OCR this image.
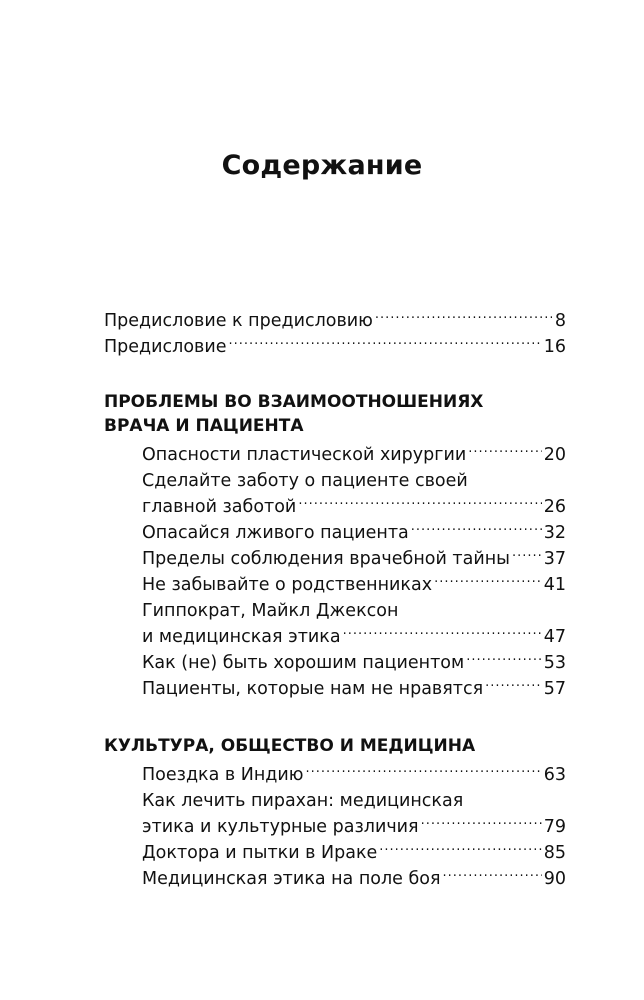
Содержание
Предисловие к предисловию .....	8
Предисловие .....	16
ПРОБЛЕМЫ ВО ВЗАИМООТНОШЕНИЯХ
ВРАЧА И ПАЦИЕНТА
Опасности пластической хирургии .....	20
Сделайте заботу о пациенте своей
главной заботой .....	26
Опасайся лживого пациента .....	32
Пределы соблюдения врачебной тайны ..... 37
Не забывайте о родственниках .....	41
Гиппократ, Майкл Джексон
и медицинская этика .....	47
Как (не) быть хорошим пациентом .....	53
Пациенты, которые нам не нравятся .....	57
КУЛЬТУРА, ОБЩЕСТВО И МЕДИЦИНА
Поездка в Индию .....	63
Как лечить пирахан: медицинская
этика и культурные различия .....	79
Доктора и пытки в Ираке .....	85
Медицинская этика на поле боя .....	90
